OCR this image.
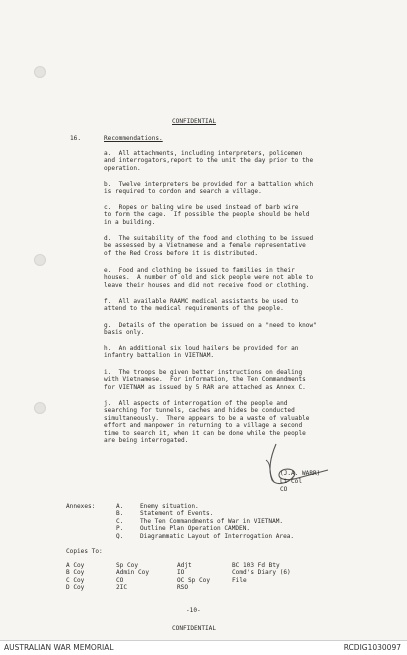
CONFIDENTIAL
16.	Recommendations.
a.  All attachments, including interpreters, policemen
and interrogators,report to the unit the day prior to the
operation.
b.  Twelve interpreters be provided for a battalion which
is required to cordon and search a village.
c.  Ropes or baling wire be used instead of barb wire
to form the cage.  If possible the people should be held
in a building.
d.  The suitability of the food and clothing to be issued
be assessed by a Vietnamese and a female representative
of the Red Cross before it is distributed.
e.  Food and clothing be issued to families in their
houses.  A number of old and sick people were not able to
leave their houses and did not receive food or clothing.
f.  All available RAAMC medical assistants be used to
attend to the medical requirements of the people.
g.  Details of the operation be issued on a "need to know"
basis only.
h.  An additional six loud hailers be provided for an
infantry battalion in VIETNAM.
i.  The troops be given better instructions on dealing
with Vietnamese.  For information, the Ten Commandments
for VIETNAM as issued by 5 RAR are attached as Annex C.
j.  All aspects of interrogation of the people and
searching for tunnels, caches and hides be conducted
simultaneously.  There appears to be a waste of valuable
effort and manpower in returning to a village a second
time to search it, when it can be done while the people
are being interrogated.
(J.A. WARR)
Lt Col
CO
Annexes:	A.	Enemy situation.
B.	Statement of Events.
C.	The Ten Commandments of War in VIETNAM.
P.	Outline Plan Operation CAMDEN.
Q.	Diagrammatic Layout of Interrogation Area.
Copies To:
A Coy	Sp Coy	Adjt	BC 103 Fd Bty
B Coy	Admin Coy	IO	Comd's Diary (6)
C Coy	CO	OC Sp Coy	File
D Coy	2IC	RSO
-10-
CONFIDENTIAL
AUSTRALIAN WAR MEMORIAL	RCDIG1030097
